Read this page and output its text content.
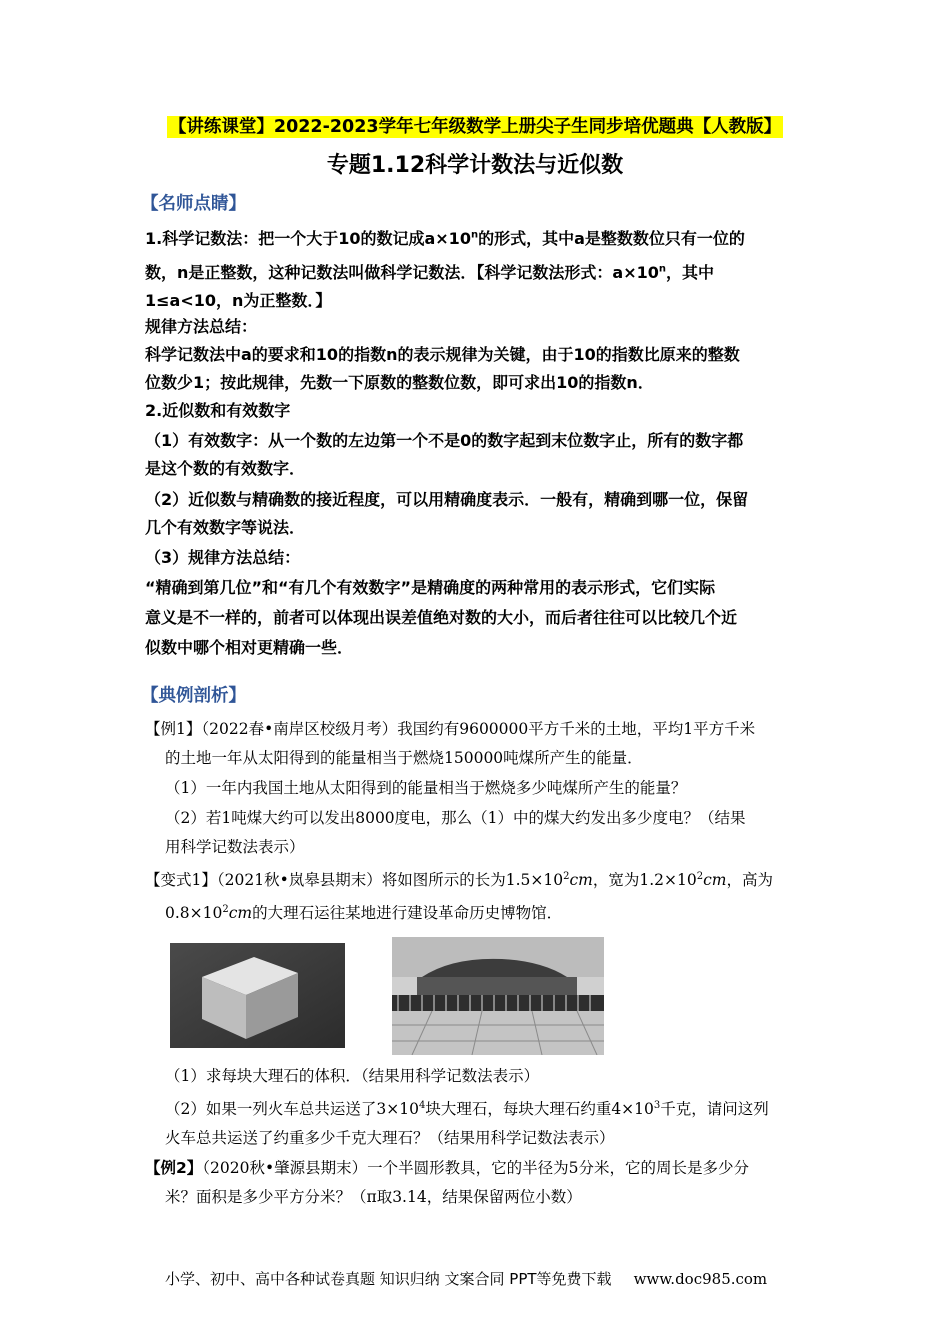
【讲练课堂】2022-2023学年七年级数学上册尖子生同步培优题典【人教版】
专题1.12科学计数法与近似数
【名师点睛】
1.科学记数法：把一个大于10的数记成$a\times 10^n$的形式，其中a是整数数位只有一位的
数，n是正整数，这种记数法叫做科学记数法．【科学记数法形式：$a\times 10^n$，其中
1≤a<10，n为正整数．】
规律方法总结：
科学记数法中a的要求和10的指数n的表示规律为关键，由于10的指数比原来的整数
位数少1；按此规律，先数一下原数的整数位数，即可求出10的指数n．
2.近似数和有效数字
（1）有效数字：从一个数的左边第一个不是0的数字起到末位数字止，所有的数字都
是这个数的有效数字．
（2）近似数与精确数的接近程度，可以用精确度表示．一般有，精确到哪一位，保留
几个有效数字等说法．
（3）规律方法总结：
“精确到第几位”和“有几个有效数字”是精确度的两种常用的表示形式，它们实际
意义是不一样的，前者可以体现出误差值绝对数的大小，而后者往往可以比较几个近
似数中哪个相对更精确一些．
【典例剖析】
【例1】（2022春•南岸区校级月考）我国约有9600000平方千米的土地，平均1平方千米
的土地一年从太阳得到的能量相当于燃烧150000吨煤所产生的能量．
（1）一年内我国土地从太阳得到的能量相当于燃烧多少吨煤所产生的能量？
（2）若1吨煤大约可以发出8000度电，那么（1）中的煤大约发出多少度电？（结果
用科学记数法表示）
【变式1】（2021秋•岚皋县期末）将如图所示的长为$1.5\times 10^2cm$，宽为$1.2\times 10^2cm$，高为
$0.8\times 10^2cm$的大理石运往某地进行建设革命历史博物馆．
（1）求每块大理石的体积．（结果用科学记数法表示）
（2）如果一列火车总共运送了$3\times 10^4$块大理石，每块大理石约重$4\times 10^3$千克，请问这列
火车总共运送了约重多少千克大理石？（结果用科学记数法表示）
【例2】（2020秋•肇源县期末）一个半圆形教具，它的半径为5分米，它的周长是多少分
米？面积是多少平方分米？（π取3.14，结果保留两位小数）
小学、初中、高中各种试卷真题 知识归纳 文案合同 PPT等免费下载 www.doc985.com
